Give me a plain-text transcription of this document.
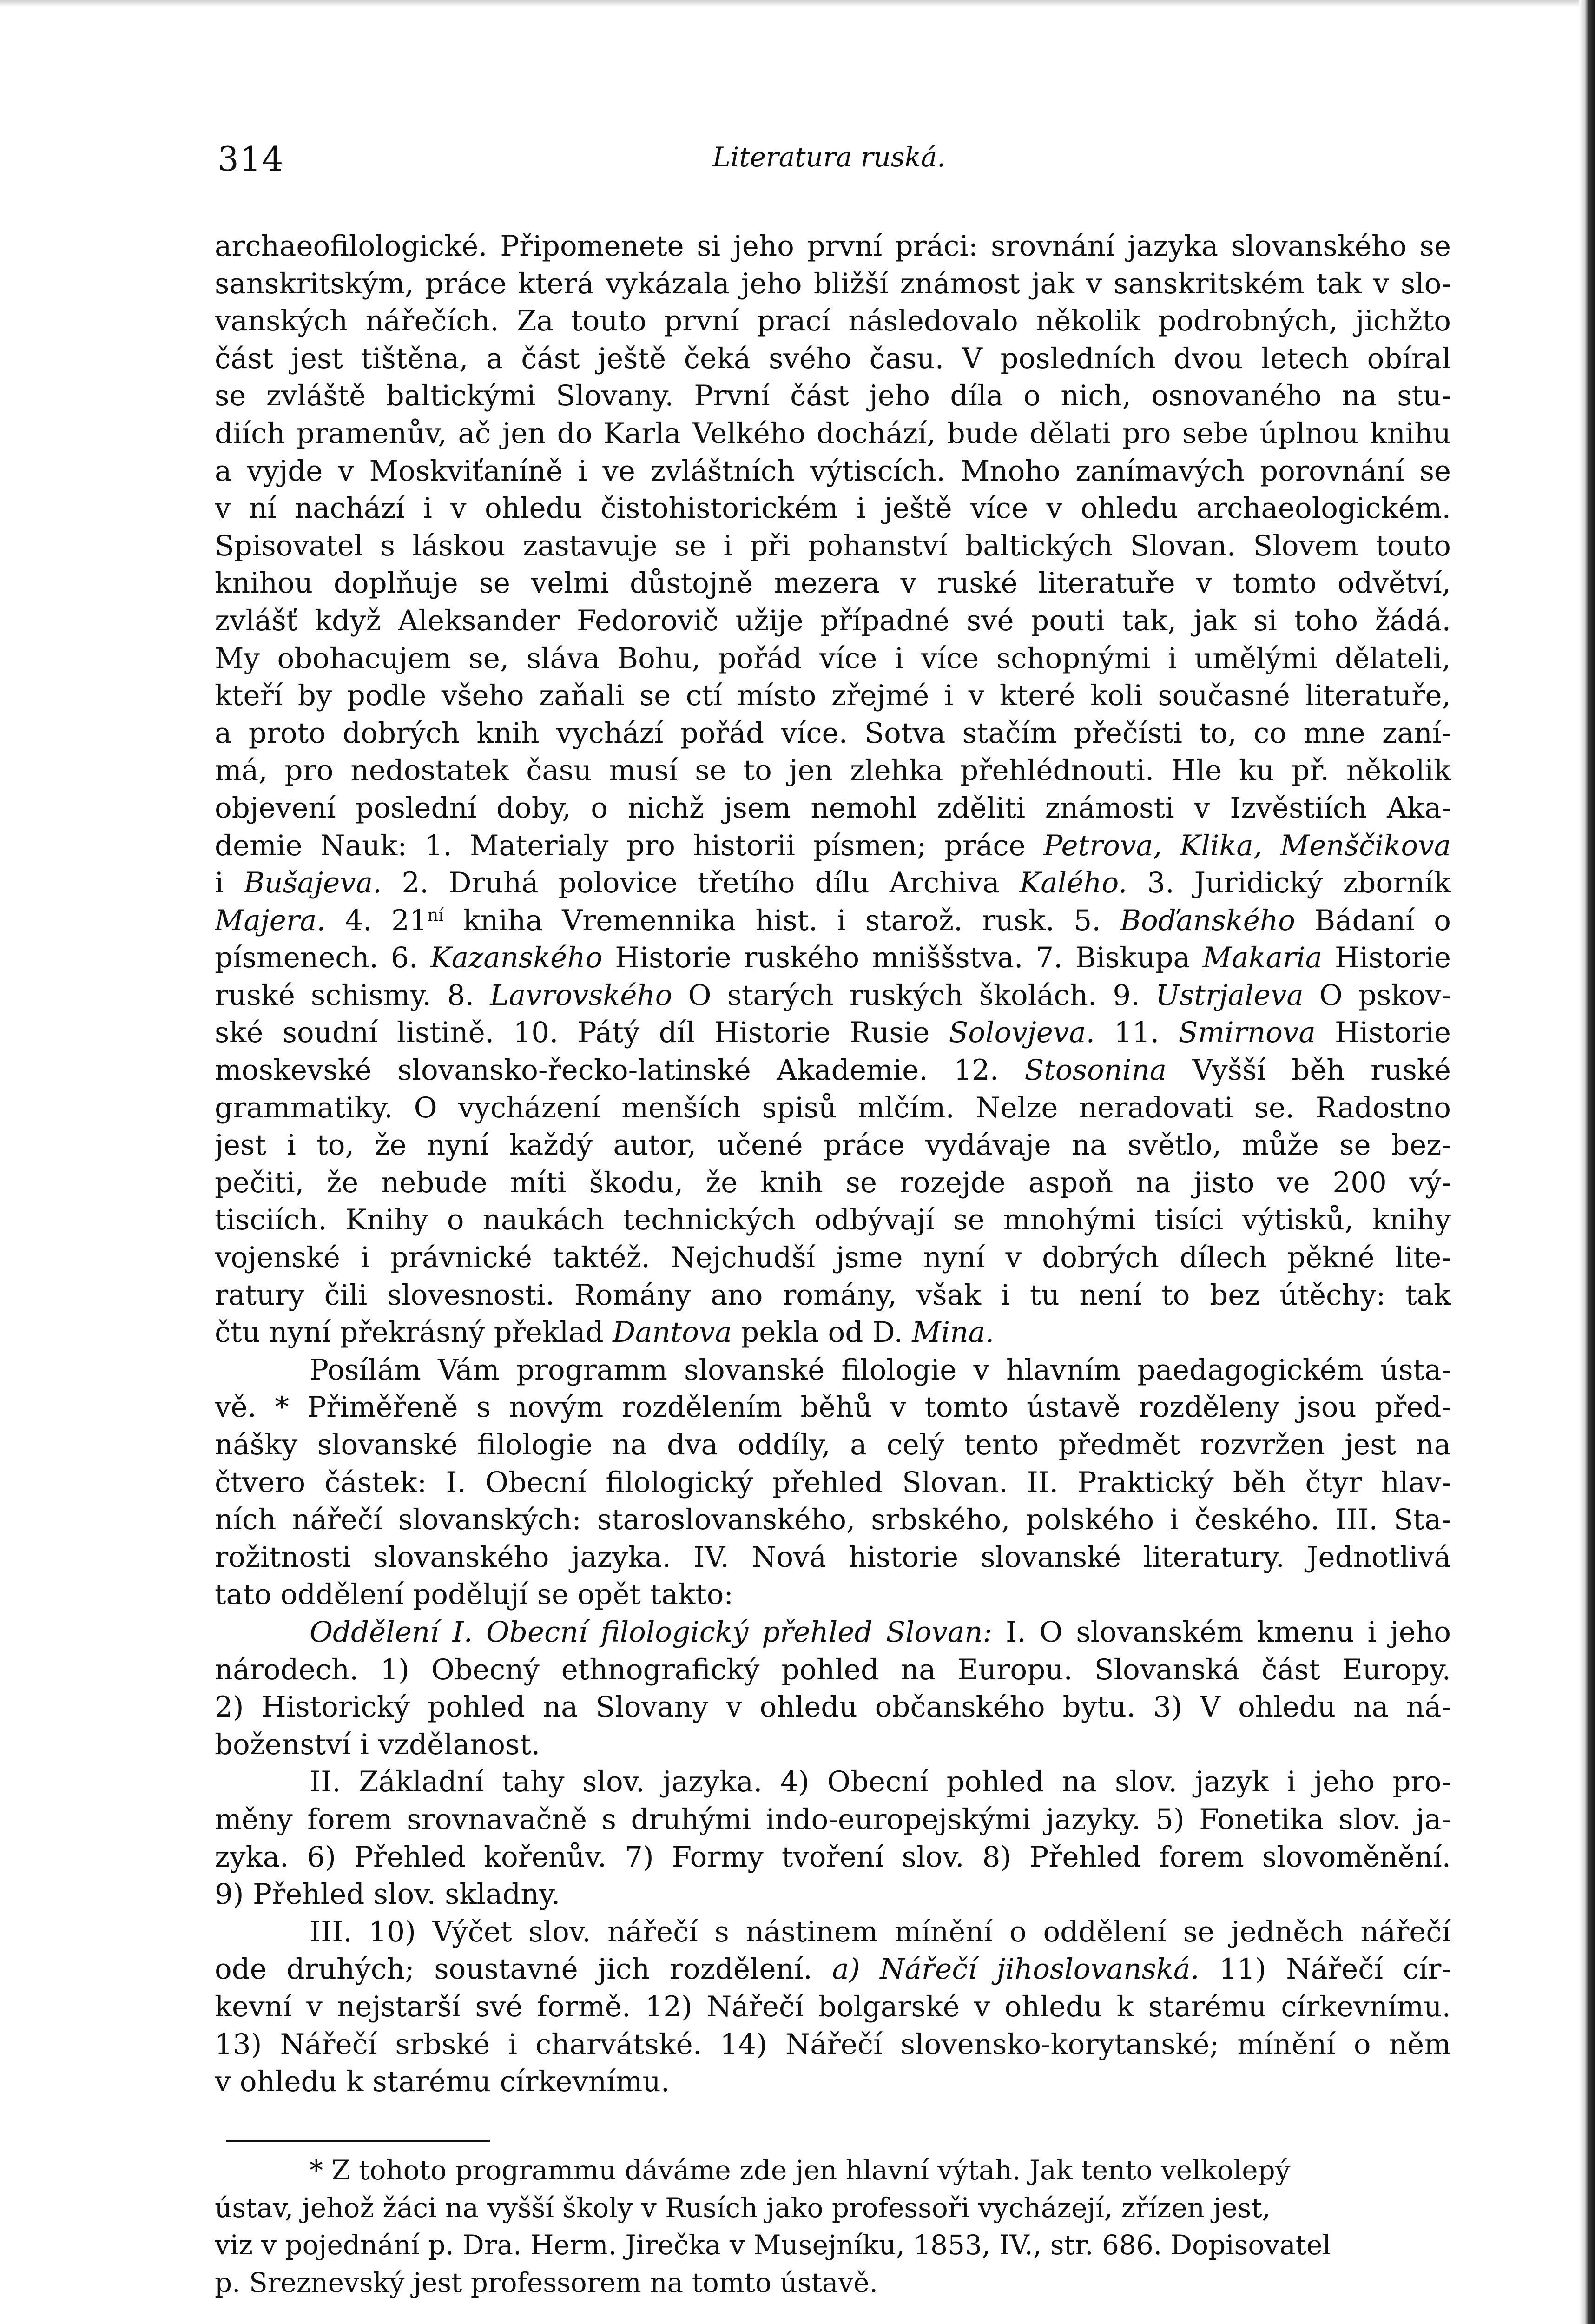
314	Literatura ruská.
archaeofilologické. Připomenete si jeho první práci: srovnání jazyka slovanského se
sanskritským, práce která vykázala jeho bližší známost jak v sanskritském tak v slo-
vanských nářečích. Za touto první prací následovalo několik podrobných, jichžto
část jest tištěna, a část ještě čeká svého času. V posledních dvou letech obíral
se zvláště baltickými Slovany. První část jeho díla o nich, osnovaného na stu-
diích pramenův, ač jen do Karla Velkého dochází, bude dělati pro sebe úplnou knihu
a vyjde v Moskviťaníně i ve zvláštních výtiscích. Mnoho zanímavých porovnání se
v ní nachází i v ohledu čistohistorickém i ještě více v ohledu archaeologickém.
Spisovatel s láskou zastavuje se i při pohanství baltických Slovan. Slovem touto
knihou doplňuje se velmi důstojně mezera v ruské literatuře v tomto odvětví,
zvlášť když Aleksander Fedorovič užije případné své pouti tak, jak si toho žádá.
My obohacujem se, sláva Bohu, pořád více i více schopnými i umělými dělateli,
kteří by podle všeho zaňali se ctí místo zřejmé i v které koli současné literatuře,
a proto dobrých knih vychází pořád více. Sotva stačím přečísti to, co mne zaní-
má, pro nedostatek času musí se to jen zlehka přehlédnouti. Hle ku př. několik
objevení poslední doby, o nichž jsem nemohl zděliti známosti v Izvěstiích Aka-
demie Nauk: 1. Materialy pro historii písmen; práce Petrova, Klika, Menščikova
i Bušajeva. 2. Druhá polovice třetího dílu Archiva Kalého. 3. Juridický zborník
Majera. 4. $21^{ní}$ kniha Vremennika hist. i starož. rusk. 5. Boďanského Bádaní o
písmenech. 6. Kazanského Historie ruského mniššstva. 7. Biskupa Makaria Historie
ruské schismy. 8. Lavrovského O starých ruských školách. 9. Ustrjaleva O pskov-
ské soudní listině. 10. Pátý díl Historie Rusie Solovjeva. 11. Smirnova Historie
moskevské slovansko-řecko-latinské Akademie. 12. Stosonina Vyšší běh ruské
grammatiky. O vycházení menších spisů mlčím. Nelze neradovati se. Radostno
jest i to, že nyní každý autor, učené práce vydávaje na světlo, může se bez-
pečiti, že nebude míti škodu, že knih se rozejde aspoň na jisto ve 200 vý-
tisciích. Knihy o naukách technických odbývají se mnohými tisíci výtisků, knihy
vojenské i právnické taktéž. Nejchudší jsme nyní v dobrých dílech pěkné lite-
ratury čili slovesnosti. Romány ano romány, však i tu není to bez útěchy: tak
čtu nyní překrásný překlad Dantova pekla od D. Mina.
Posílám Vám programm slovanské filologie v hlavním paedagogickém ústa-
vě. * Přiměřeně s novým rozdělením běhů v tomto ústavě rozděleny jsou před-
nášky slovanské filologie na dva oddíly, a celý tento předmět rozvržen jest na
čtvero částek: I. Obecní filologický přehled Slovan. II. Praktický běh čtyr hlav-
ních nářečí slovanských: staroslovanského, srbského, polského i českého. III. Sta-
rožitnosti slovanského jazyka. IV. Nová historie slovanské literatury. Jednotlivá
tato oddělení podělují se opět takto:
Oddělení I. Obecní filologický přehled Slovan: I. O slovanském kmenu i jeho
národech. 1) Obecný ethnografický pohled na Europu. Slovanská část Europy.
2) Historický pohled na Slovany v ohledu občanského bytu. 3) V ohledu na ná-
boženství i vzdělanost.
II. Základní tahy slov. jazyka. 4) Obecní pohled na slov. jazyk i jeho pro-
měny forem srovnavačně s druhými indo-europejskými jazyky. 5) Fonetika slov. ja-
zyka. 6) Přehled kořenův. 7) Formy tvoření slov. 8) Přehled forem slovoměnění.
9) Přehled slov. skladny.
III. 10) Výčet slov. nářečí s nástinem mínění o oddělení se jedněch nářečí
ode druhých; soustavné jich rozdělení. a) Nářečí jihoslovanská. 11) Nářečí cír-
kevní v nejstarší své formě. 12) Nářečí bolgarské v ohledu k starému církevnímu.
13) Nářečí srbské i charvátské. 14) Nářečí slovensko-korytanské; mínění o něm
v ohledu k starému církevnímu.
* Z tohoto programmu dáváme zde jen hlavní výtah. Jak tento velkolepý
ústav, jehož žáci na vyšší školy v Rusích jako professoři vycházejí, zřízen jest,
viz v pojednání p. Dra. Herm. Jirečka v Musejníku, 1853, IV., str. 686. Dopisovatel
p. Sreznevský jest professorem na tomto ústavě.
